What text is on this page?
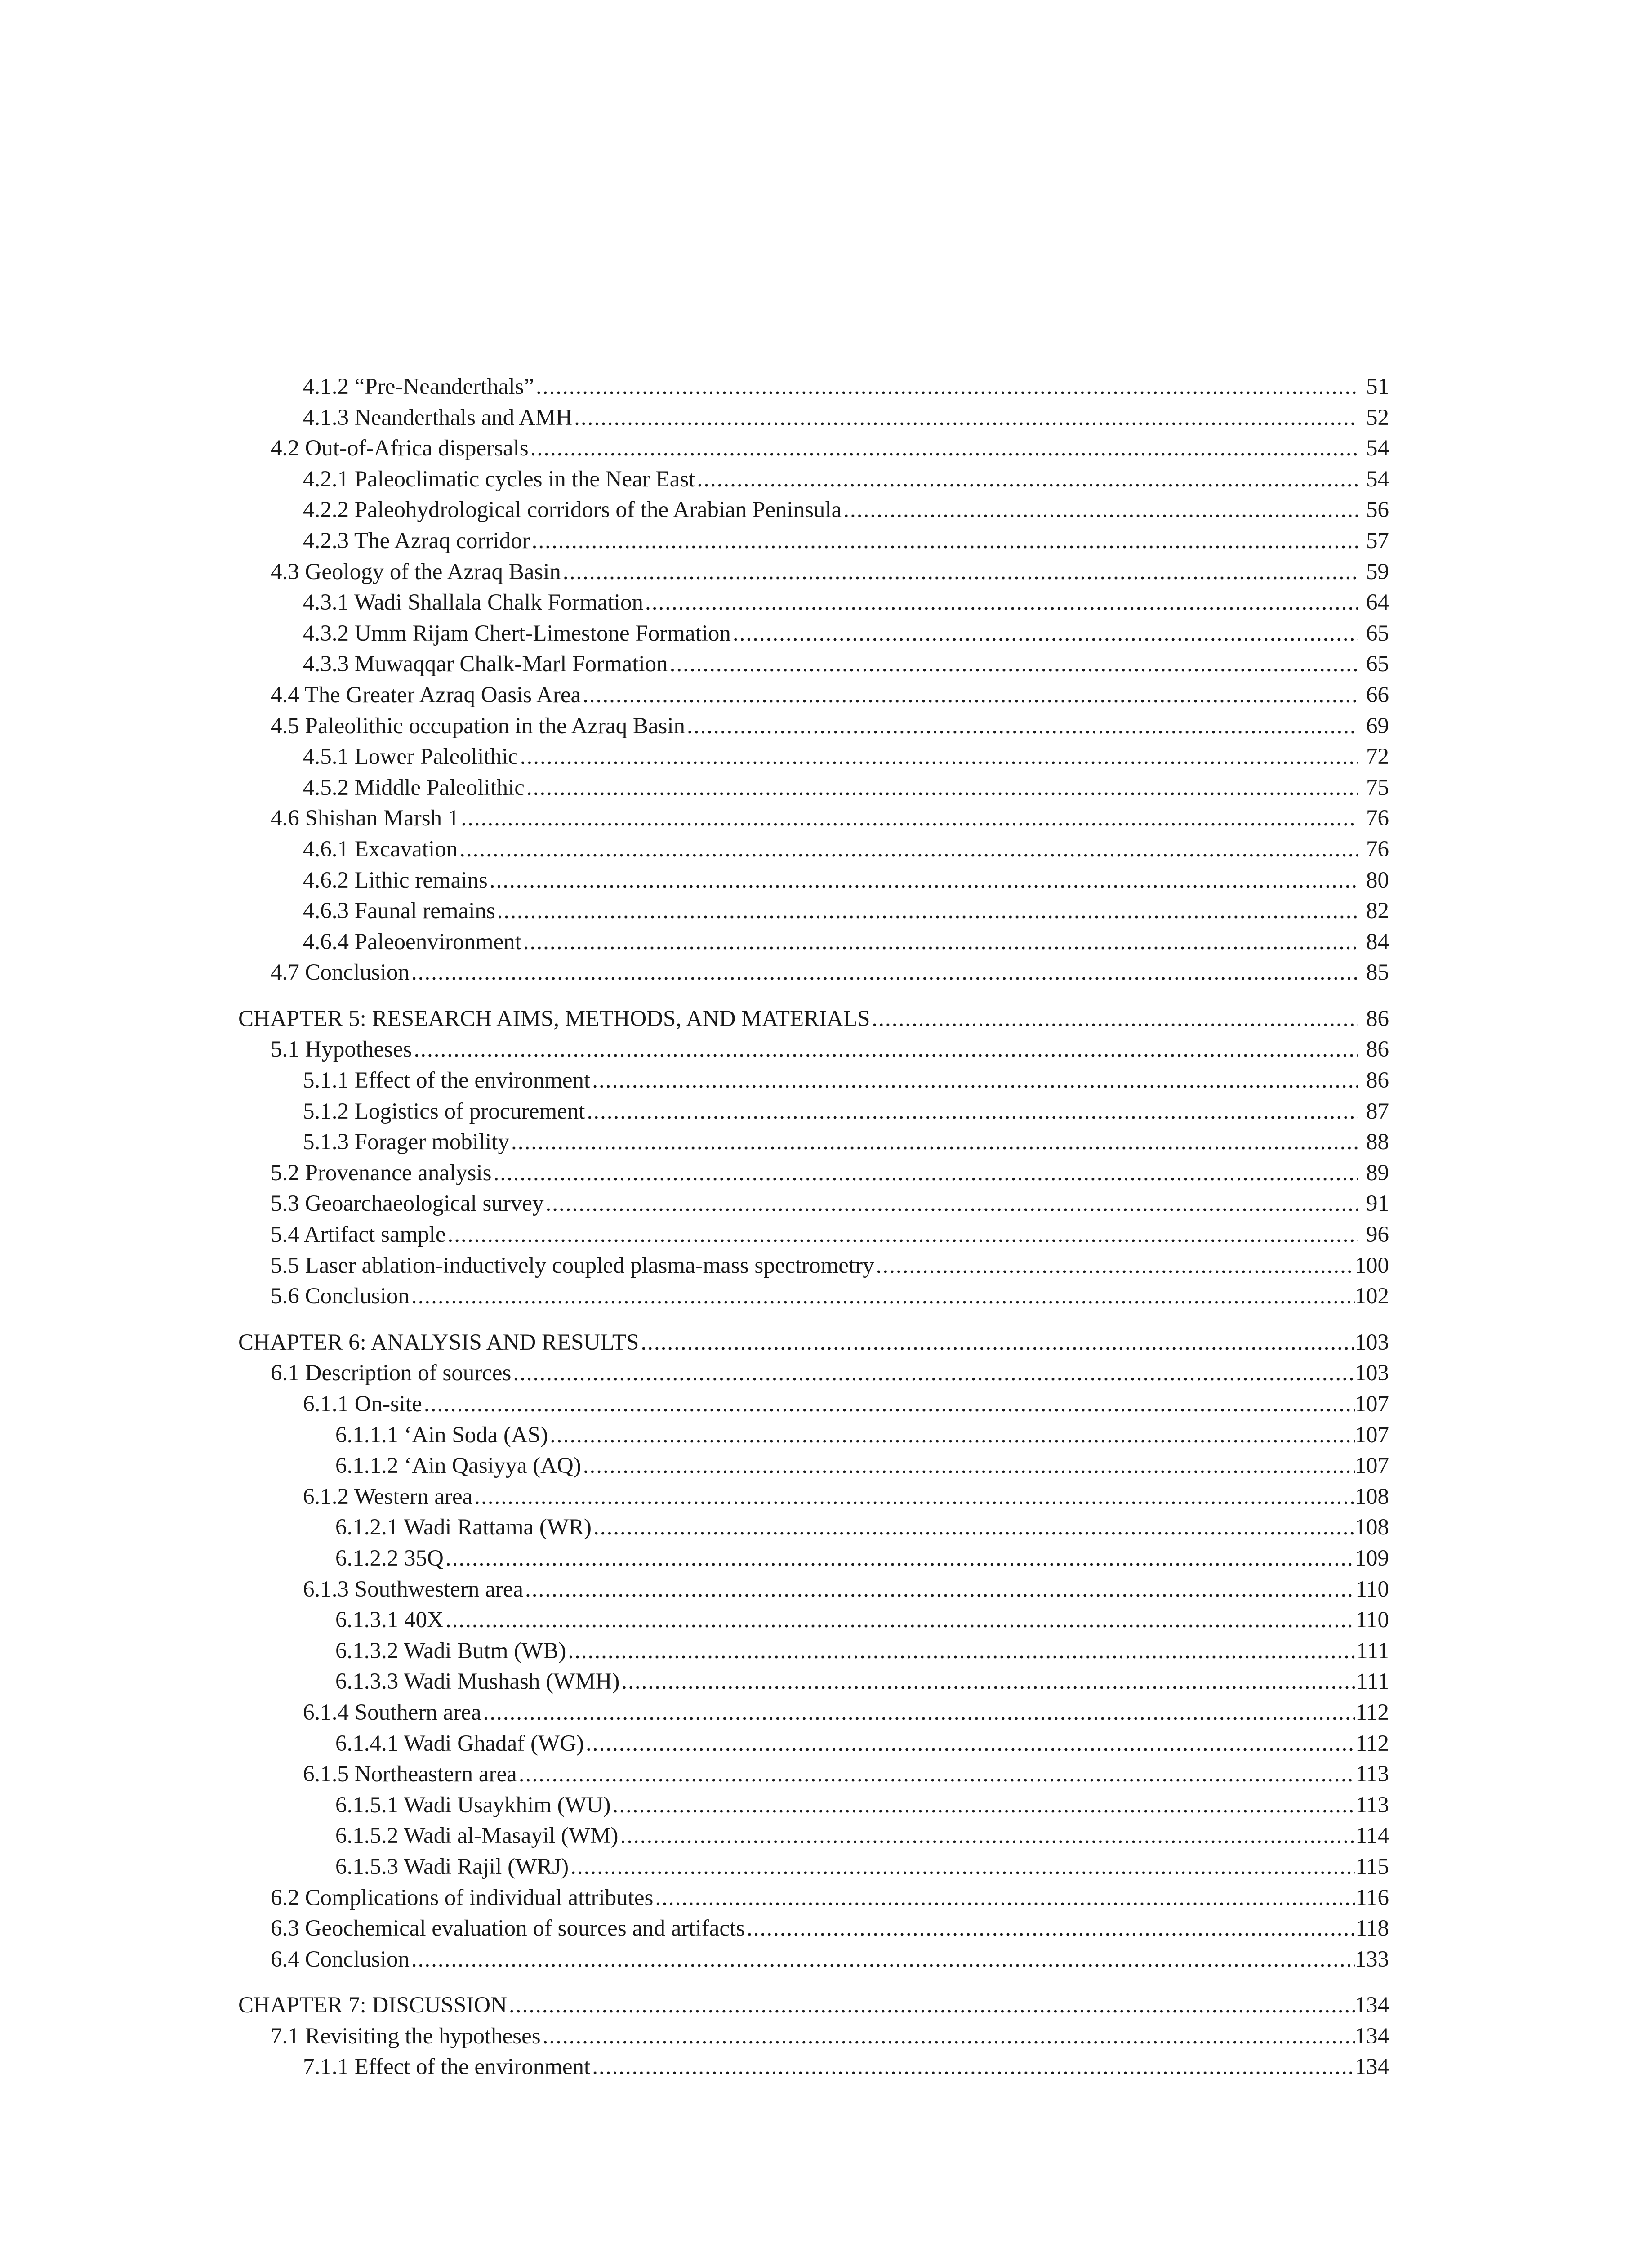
4.1.2 “Pre-Neanderthals” .....	51
4.1.3 Neanderthals and AMH .....	52
4.2 Out-of-Africa dispersals .....	54
4.2.1 Paleoclimatic cycles in the Near East .....	54
4.2.2 Paleohydrological corridors of the Arabian Peninsula .....	56
4.2.3 The Azraq corridor .....	57
4.3 Geology of the Azraq Basin .....	59
4.3.1 Wadi Shallala Chalk Formation .....	64
4.3.2 Umm Rijam Chert-Limestone Formation .....	65
4.3.3 Muwaqqar Chalk-Marl Formation .....	65
4.4 The Greater Azraq Oasis Area .....	66
4.5 Paleolithic occupation in the Azraq Basin .....	69
4.5.1 Lower Paleolithic .....	72
4.5.2 Middle Paleolithic .....	75
4.6 Shishan Marsh 1 .....	76
4.6.1 Excavation .....	76
4.6.2 Lithic remains .....	80
4.6.3 Faunal remains .....	82
4.6.4 Paleoenvironment .....	84
4.7 Conclusion .....	85
CHAPTER 5: RESEARCH AIMS, METHODS, AND MATERIALS .....	86
5.1 Hypotheses .....	86
5.1.1 Effect of the environment .....	86
5.1.2 Logistics of procurement .....	87
5.1.3 Forager mobility .....	88
5.2 Provenance analysis .....	89
5.3 Geoarchaeological survey .....	91
5.4 Artifact sample .....	96
5.5 Laser ablation-inductively coupled plasma-mass spectrometry .....	100
5.6 Conclusion .....	102
CHAPTER 6: ANALYSIS AND RESULTS .....	103
6.1 Description of sources .....	103
6.1.1 On-site .....	107
6.1.1.1 ‘Ain Soda (AS) .....	107
6.1.1.2 ‘Ain Qasiyya (AQ) .....	107
6.1.2 Western area .....	108
6.1.2.1 Wadi Rattama (WR) .....	108
6.1.2.2 35Q .....	109
6.1.3 Southwestern area .....	110
6.1.3.1 40X .....	110
6.1.3.2 Wadi Butm (WB) .....	111
6.1.3.3 Wadi Mushash (WMH) .....	111
6.1.4 Southern area .....	112
6.1.4.1 Wadi Ghadaf (WG) .....	112
6.1.5 Northeastern area .....	113
6.1.5.1 Wadi Usaykhim (WU) .....	113
6.1.5.2 Wadi al-Masayil (WM) .....	114
6.1.5.3 Wadi Rajil (WRJ) .....	115
6.2 Complications of individual attributes .....	116
6.3 Geochemical evaluation of sources and artifacts .....	118
6.4 Conclusion .....	133
CHAPTER 7: DISCUSSION .....	134
7.1 Revisiting the hypotheses .....	134
7.1.1 Effect of the environment .....	134
